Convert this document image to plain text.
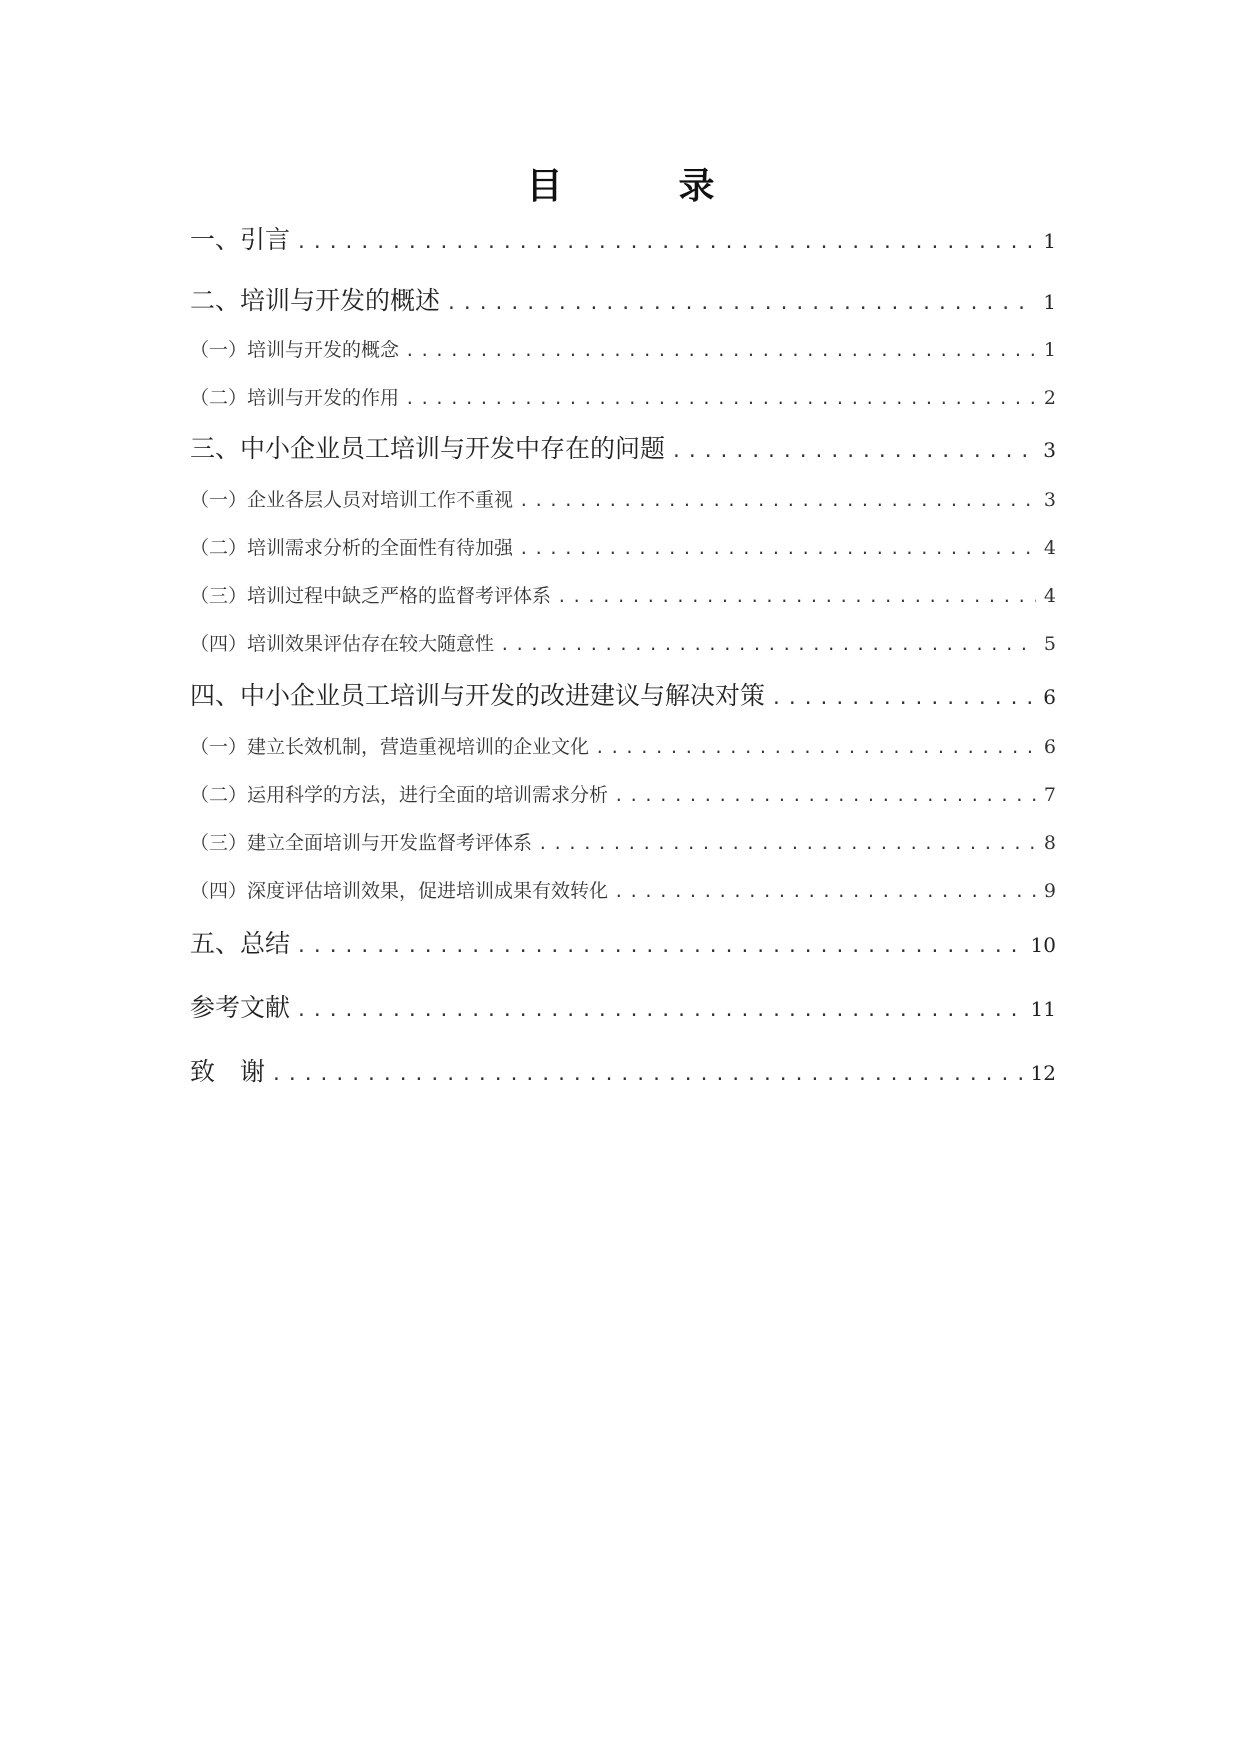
目　录
一、引言 .....	1
二、培训与开发的概述 .....	1
（一）培训与开发的概念 .....	1
（二）培训与开发的作用 .....	2
三、中小企业员工培训与开发中存在的问题 .....	3
（一）企业各层人员对培训工作不重视 .....	3
（二）培训需求分析的全面性有待加强 .....	4
（三）培训过程中缺乏严格的监督考评体系 .....	4
（四）培训效果评估存在较大随意性 .....	5
四、中小企业员工培训与开发的改进建议与解决对策 .....	6
（一）建立长效机制，营造重视培训的企业文化 .....	6
（二）运用科学的方法，进行全面的培训需求分析 .....	7
（三）建立全面培训与开发监督考评体系 .....	8
（四）深度评估培训效果，促进培训成果有效转化 .....	9
五、总结 .....	10
参考文献 .....	11
致　谢 .....	12
